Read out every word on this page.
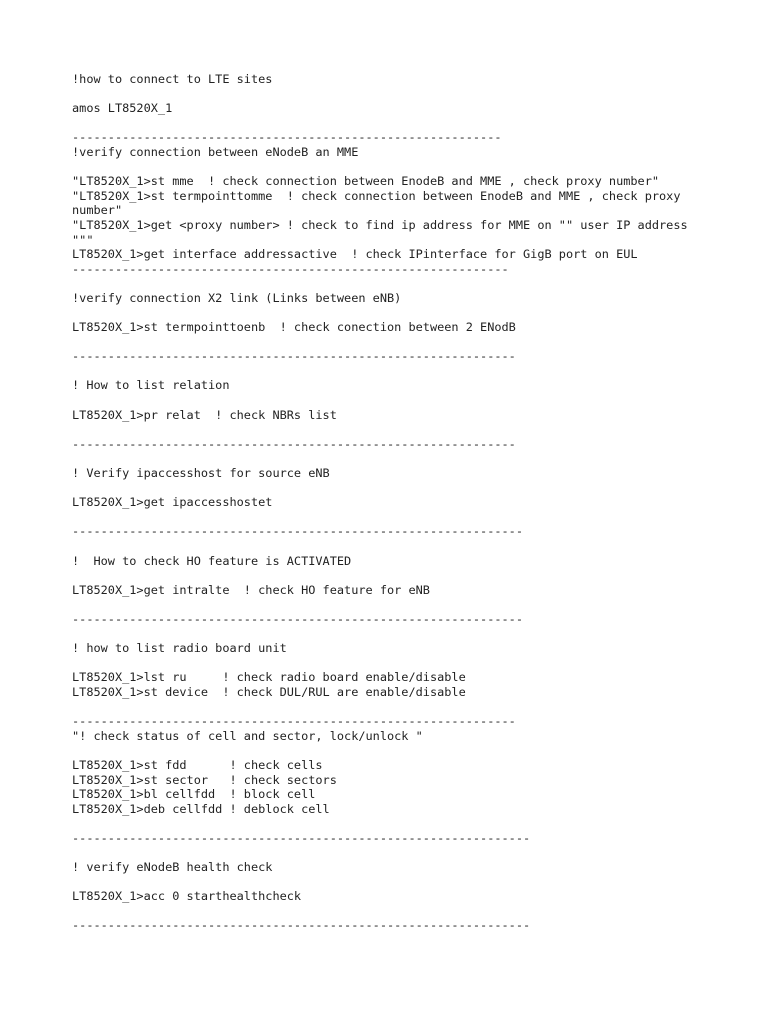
!how to connect to LTE sites
amos LT8520X_1
------------------------------------------------------------
!verify connection between eNodeB an MME
"LT8520X_1>st mme  ! check connection between EnodeB and MME , check proxy number"
"LT8520X_1>st termpointtomme  ! check connection between EnodeB and MME , check proxy number"
"LT8520X_1>get <proxy number> ! check to find ip address for MME on "" user IP address """
LT8520X_1>get interface addressactive  ! check IPinterface for GigB port on EUL
-------------------------------------------------------------
!verify connection X2 link (Links between eNB)
LT8520X_1>st termpointtoenb  ! check conection between 2 ENodB
--------------------------------------------------------------
! How to list relation
LT8520X_1>pr relat  ! check NBRs list
--------------------------------------------------------------
! Verify ipaccesshost for source eNB
LT8520X_1>get ipaccesshostet
---------------------------------------------------------------
!  How to check HO feature is ACTIVATED
LT8520X_1>get intralte  ! check HO feature for eNB
---------------------------------------------------------------
! how to list radio board unit
LT8520X_1>lst ru     ! check radio board enable/disable
LT8520X_1>st device  ! check DUL/RUL are enable/disable
--------------------------------------------------------------
"! check status of cell and sector, lock/unlock "
LT8520X_1>st fdd      ! check cells
LT8520X_1>st sector   ! check sectors
LT8520X_1>bl cellfdd  ! block cell
LT8520X_1>deb cellfdd ! deblock cell
----------------------------------------------------------------
! verify eNodeB health check
LT8520X_1>acc 0 starthealthcheck
----------------------------------------------------------------
